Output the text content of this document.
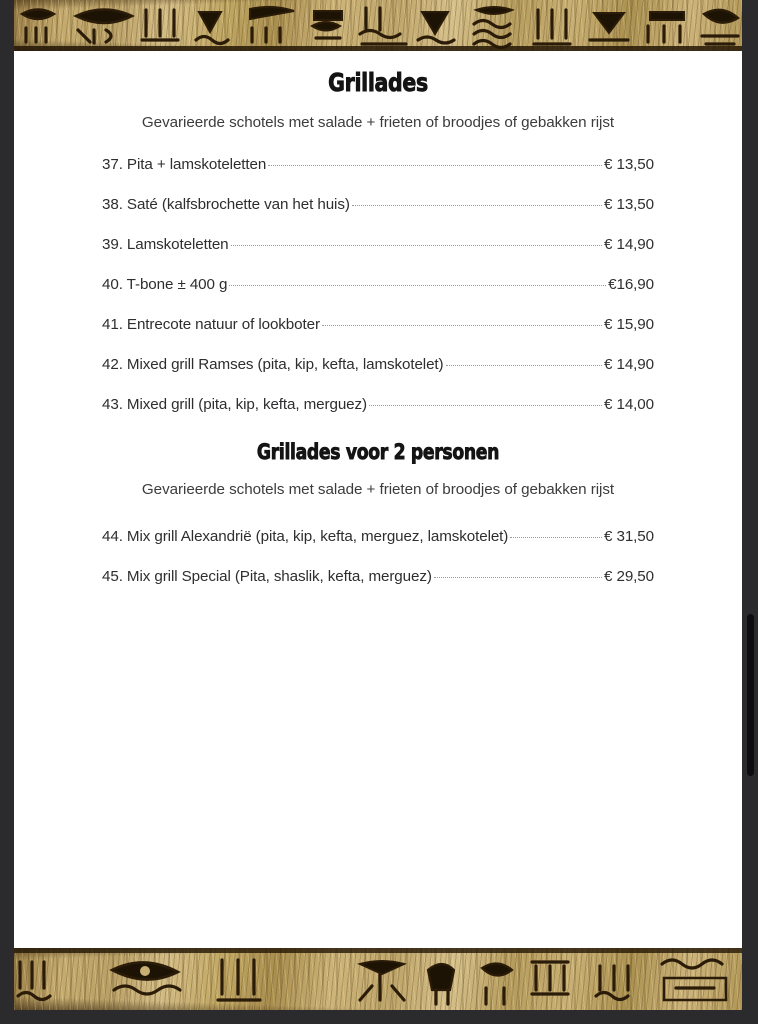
Grillades
Gevarieerde schotels met salade + frieten of broodjes of gebakken rijst
37. Pita + lamskoteletten	€ 13,50
38. Saté (kalfsbrochette van het huis)	€ 13,50
39. Lamskoteletten	€ 14,90
40. T-bone ± 400 g	€16,90
41. Entrecote natuur of lookboter	€ 15,90
42. Mixed grill Ramses (pita, kip, kefta, lamskotelet)	€ 14,90
43. Mixed grill (pita, kip, kefta, merguez)	€ 14,00
Grillades voor 2 personen
Gevarieerde schotels met salade + frieten of broodjes of gebakken rijst
44. Mix grill Alexandrië (pita, kip, kefta, merguez, lamskotelet)	€ 31,50
45. Mix grill Special (Pita, shaslik, kefta, merguez)	€ 29,50
